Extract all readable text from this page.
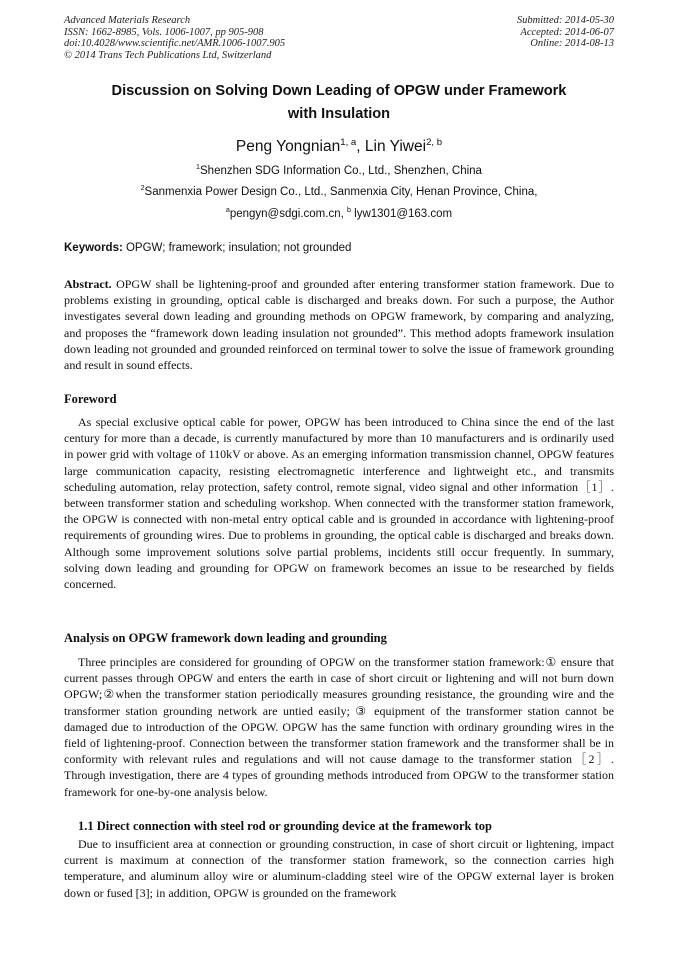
Advanced Materials Research
ISSN: 1662-8985, Vols. 1006-1007, pp 905-908
doi:10.4028/www.scientific.net/AMR.1006-1007.905
© 2014 Trans Tech Publications Ltd, Switzerland
Submitted: 2014-05-30
Accepted: 2014-06-07
Online: 2014-08-13
Discussion on Solving Down Leading of OPGW under Framework
with Insulation
Peng Yongnian$^{1, a}$, Lin Yiwei$^{2, b}$
$^1$Shenzhen SDG Information Co., Ltd., Shenzhen, China
$^2$Sanmenxia Power Design Co., Ltd., Sanmenxia City, Henan Province, China,
$^a$pengyn@sdgi.com.cn, $^b$ lyw1301@163.com
Keywords: OPGW; framework; insulation; not grounded
Abstract. OPGW shall be lightening-proof and grounded after entering transformer station framework. Due to problems existing in grounding, optical cable is discharged and breaks down. For such a purpose, the Author investigates several down leading and grounding methods on OPGW framework, by comparing and analyzing, and proposes the “framework down leading insulation not grounded”. This method adopts framework insulation down leading not grounded and grounded reinforced on terminal tower to solve the issue of framework grounding and result in sound effects.
Foreword
As special exclusive optical cable for power, OPGW has been introduced to China since the end of the last century for more than a decade, is currently manufactured by more than 10 manufacturers and is ordinarily used in power grid with voltage of 110kV or above. As an emerging information transmission channel, OPGW features large communication capacity, resisting electromagnetic interference and lightweight etc., and transmits scheduling automation, relay protection, safety control, remote signal, video signal and other information［1］. between transformer station and scheduling workshop. When connected with the transformer station framework, the OPGW is connected with non-metal entry optical cable and is grounded in accordance with lightening-proof requirements of grounding wires. Due to problems in grounding, the optical cable is discharged and breaks down. Although some improvement solutions solve partial problems, incidents still occur frequently. In summary, solving down leading and grounding for OPGW on framework becomes an issue to be researched by fields concerned.
Analysis on OPGW framework down leading and grounding
Three principles are considered for grounding of OPGW on the transformer station framework:① ensure that current passes through OPGW and enters the earth in case of short circuit or lightening and will not burn down OPGW;②when the transformer station periodically measures grounding resistance, the grounding wire and the transformer station grounding network are untied easily; ③ equipment of the transformer station cannot be damaged due to introduction of the OPGW. OPGW has the same function with ordinary grounding wires in the field of lightening-proof. Connection between the transformer station framework and the transformer shall be in conformity with relevant rules and regulations and will not cause damage to the transformer station［2］. Through investigation, there are 4 types of grounding methods introduced from OPGW to the transformer station framework for one-by-one analysis below.
1.1 Direct connection with steel rod or grounding device at the framework top
Due to insufficient area at connection or grounding construction, in case of short circuit or lightening, impact current is maximum at connection of the transformer station framework, so the connection carries high temperature, and aluminum alloy wire or aluminum-cladding steel wire of the OPGW external layer is broken down or fused [3]; in addition, OPGW is grounded on the framework
